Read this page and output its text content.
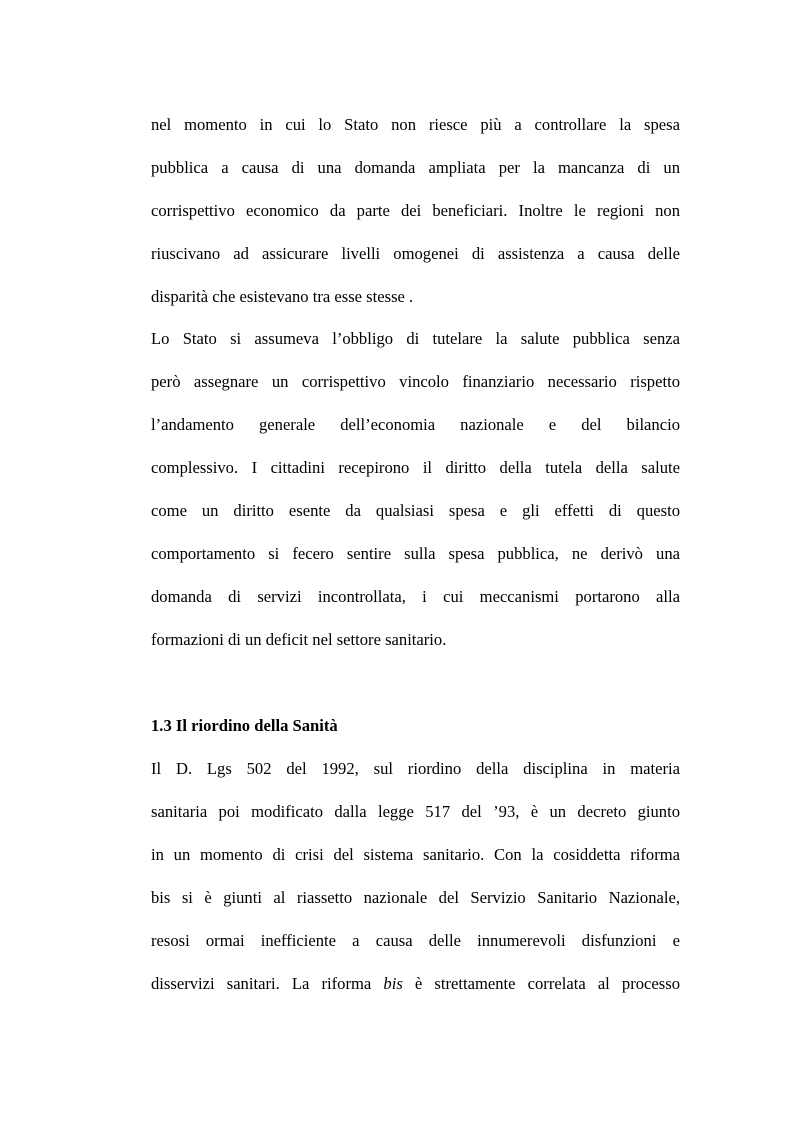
nel momento in cui lo Stato non riesce più a controllare la spesa
pubblica a causa di una domanda ampliata per la mancanza di un
corrispettivo economico da parte dei beneficiari. Inoltre le regioni non
riuscivano ad assicurare livelli omogenei di assistenza a causa delle
disparità che esistevano tra esse stesse .
Lo Stato si assumeva l’obbligo di tutelare la salute pubblica senza
però assegnare un corrispettivo vincolo finanziario necessario rispetto
l’andamento generale dell’economia nazionale e del bilancio
complessivo. I cittadini recepirono il diritto della tutela della salute
come un diritto esente da qualsiasi spesa e gli effetti di questo
comportamento si fecero sentire sulla spesa pubblica, ne derivò una
domanda di servizi incontrollata, i cui meccanismi portarono alla
formazioni di un deficit nel settore sanitario.
1.3 Il riordino della Sanità
Il D. Lgs 502 del 1992, sul riordino della disciplina in materia
sanitaria poi modificato dalla legge 517 del ’93, è un decreto giunto
in un momento di crisi del sistema sanitario. Con la cosiddetta riforma
bis si è giunti al riassetto nazionale del Servizio Sanitario Nazionale,
resosi ormai inefficiente a causa delle innumerevoli disfunzioni e
disservizi sanitari. La riforma bis è strettamente correlata al processo
